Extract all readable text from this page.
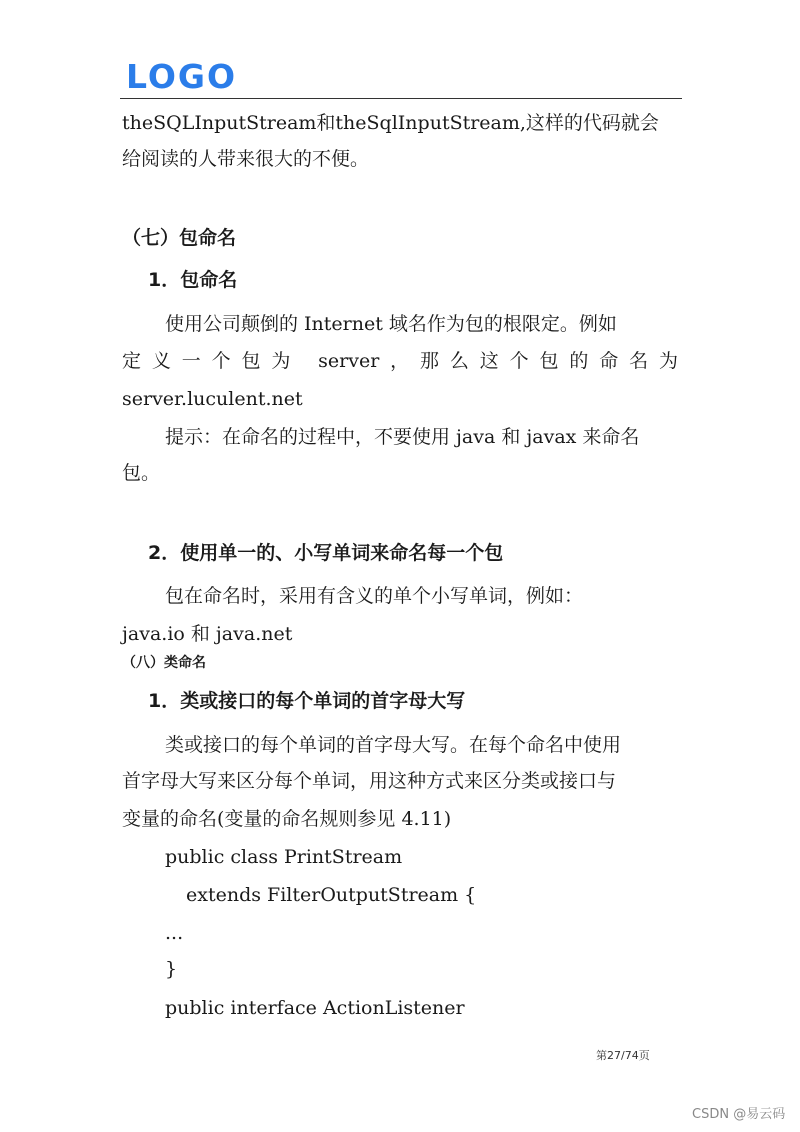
LOGO

theSQLInputStream和theSqlInputStream,这样的代码就会

给阅读的人带来很大的不便。

（七）包命名

1．包命名

使用公司颠倒的 Internet 域名作为包的根限定。例如

定义一个包为 server，那么这个包的命名为

server.luculent.net

提示：在命名的过程中，不要使用 java 和 javax 来命名

包。

2．使用单一的、小写单词来命名每一个包

包在命名时，采用有含义的单个小写单词，例如：

java.io 和 java.net

（八）类命名

1．类或接口的每个单词的首字母大写

类或接口的每个单词的首字母大写。在每个命名中使用

首字母大写来区分每个单词，用这种方式来区分类或接口与

变量的命名(变量的命名规则参见 4.11)

public class PrintStream

extends FilterOutputStream {

...

}

public interface ActionListener

第27/74页

CSDN @易云码
